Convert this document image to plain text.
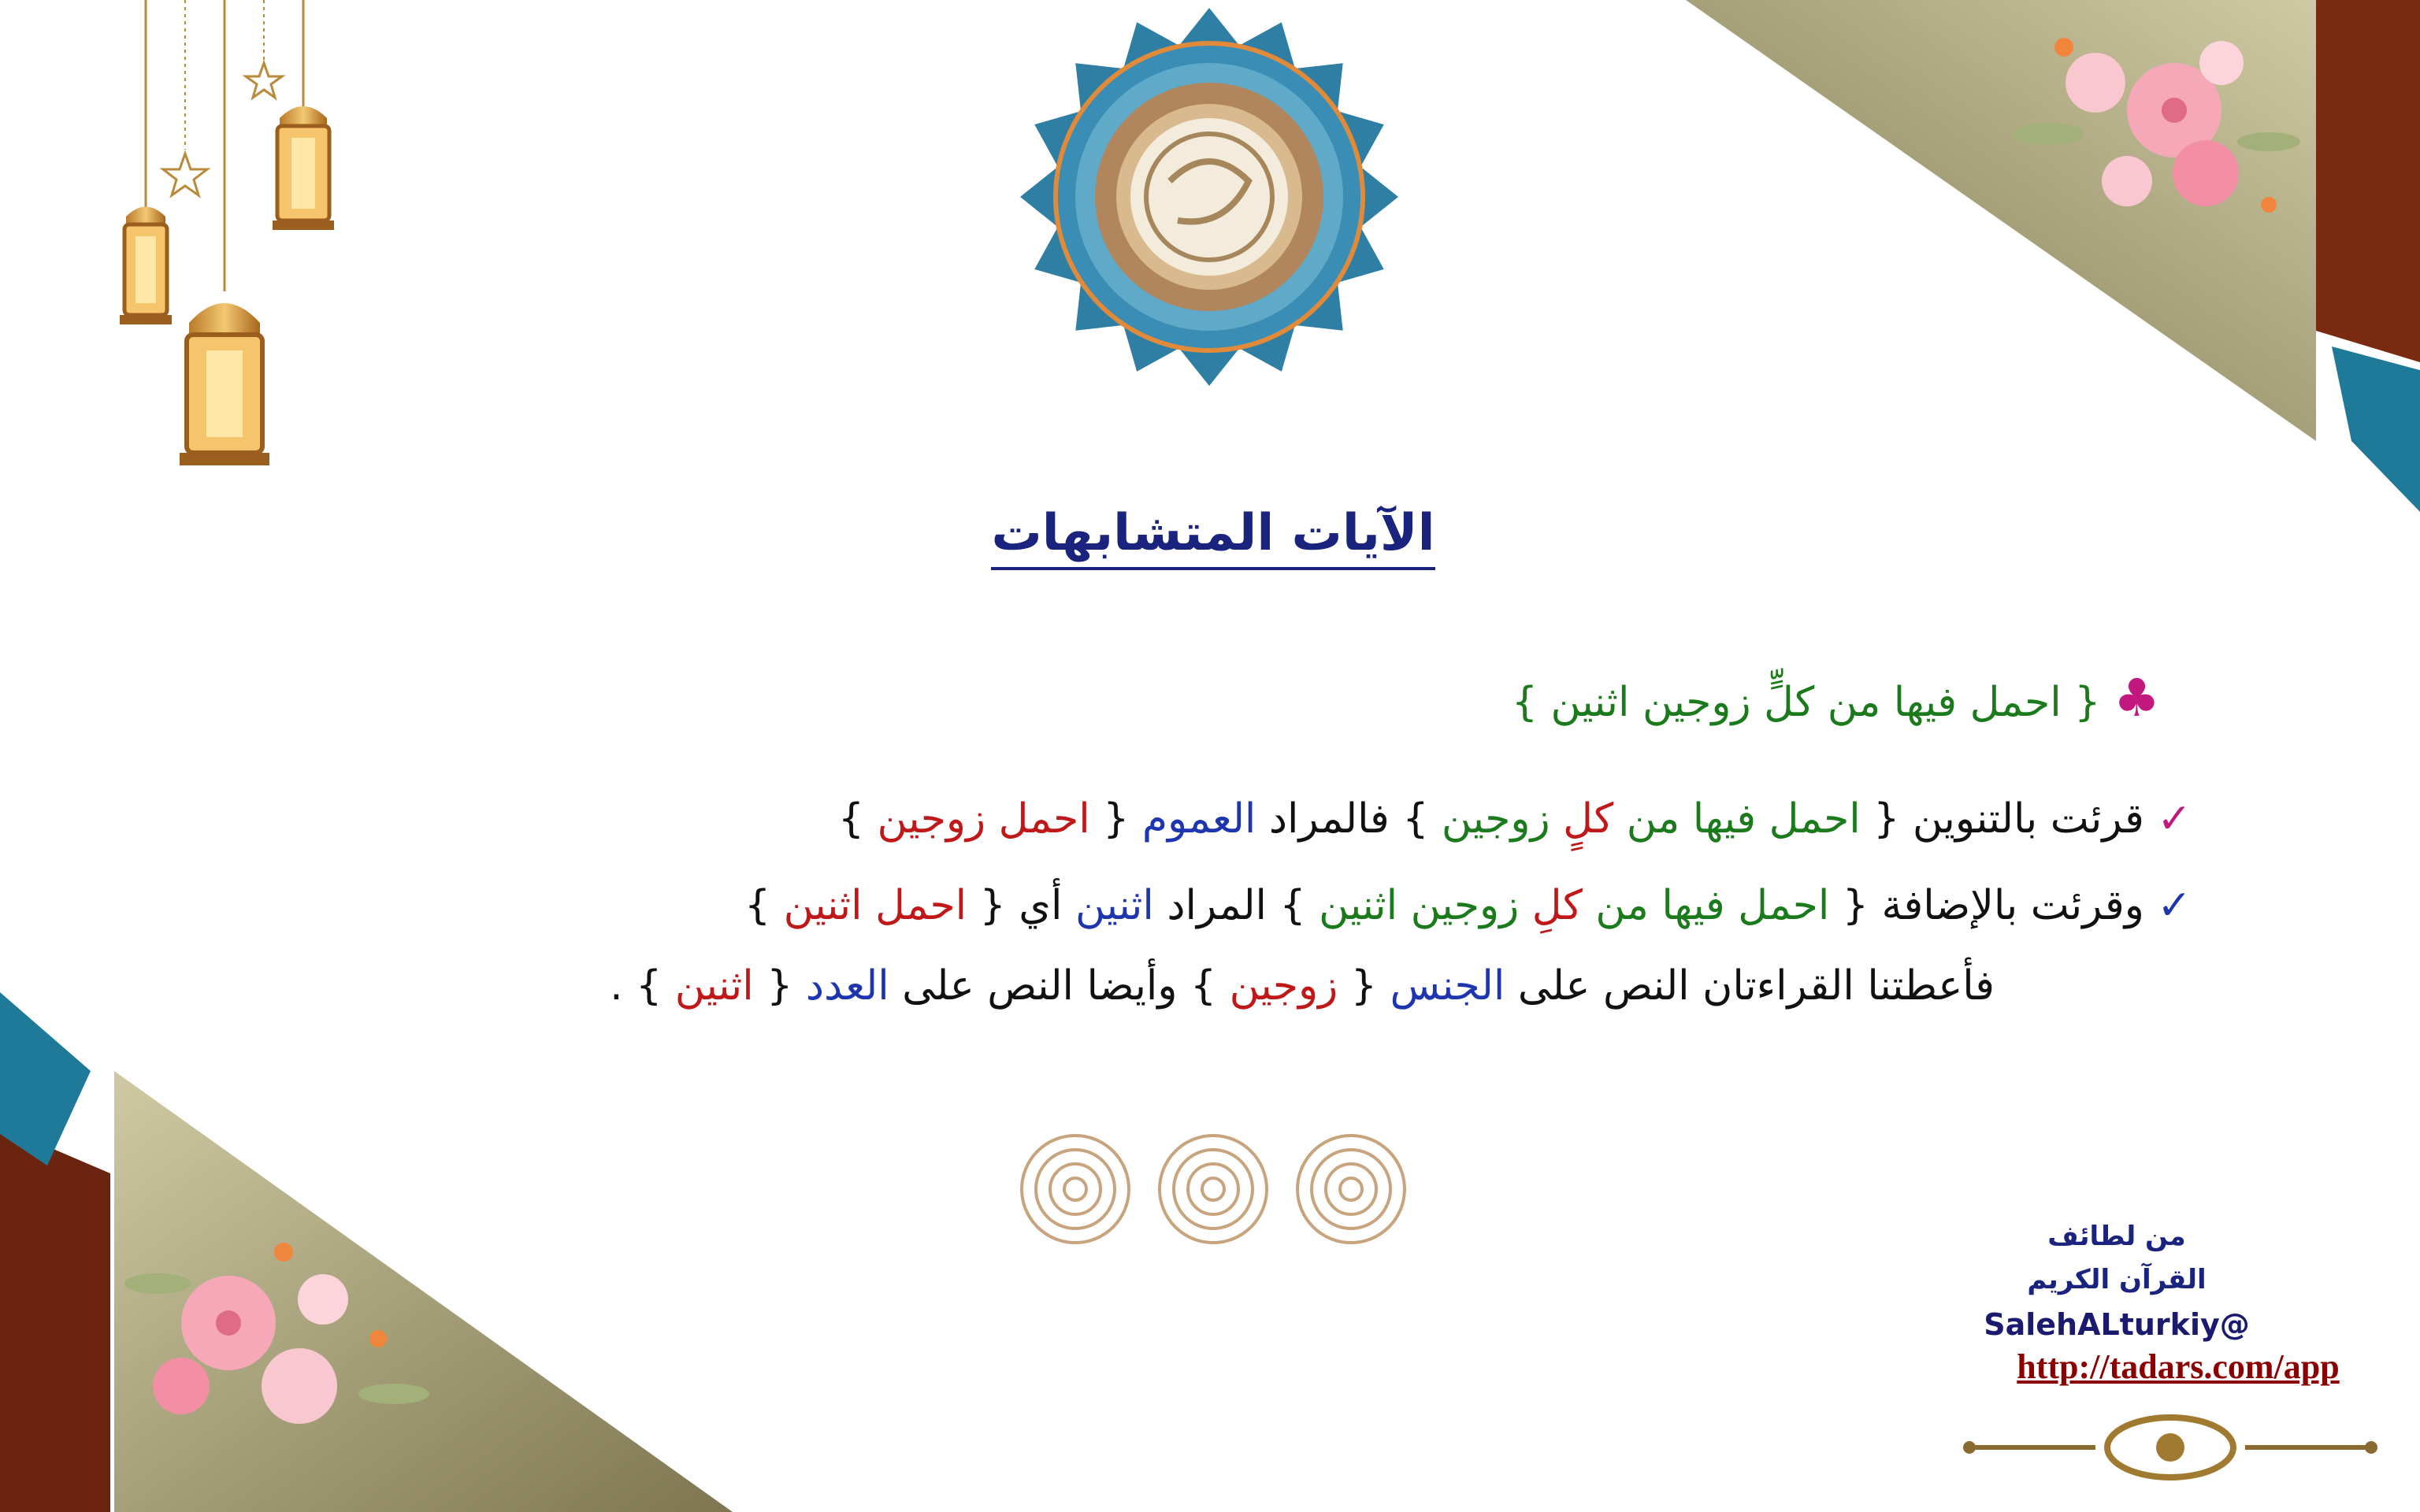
الآيات المتشابهات
♣ { احمل فيها من كلٍّ زوجين اثنين }
✓ قرئت بالتنوين { احمل فيها من كلٍ زوجين } فالمراد العموم { احمل زوجين }
✓ وقرئت بالإضافة { احمل فيها من كلِ زوجين اثنين } المراد اثنين أي { احمل اثنين }
فأعطتنا القراءتان النص على الجنس { زوجين } وأيضا النص على العدد { اثنين } .
من لطائف
القرآن الكريم
@SalehALturkiy
http://tadars.com/app
